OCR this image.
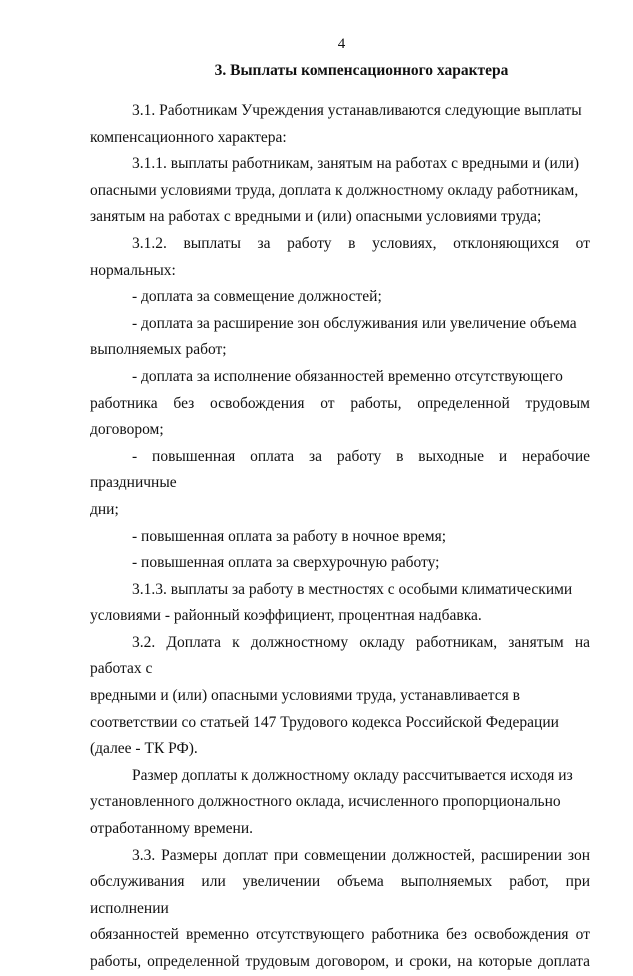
4
3. Выплаты компенсационного характера

3.1. Работникам Учреждения устанавливаются следующие выплаты
компенсационного характера:

3.1.1. выплаты работникам, занятым на работах с вредными и (или)
опасными условиями труда, доплата к должностному окладу работникам,
занятым на работах с вредными и (или) опасными условиями труда;

3.1.2. выплаты за работу в условиях, отклоняющихся от нормальных:

- доплата за совмещение должностей;

- доплата за расширение зон обслуживания или увеличение объема
выполняемых работ;

- доплата за исполнение обязанностей временно отсутствующего
работника без освобождения от работы, определенной трудовым договором;

- повышенная оплата за работу в выходные и нерабочие праздничные
дни;

- повышенная оплата за работу в ночное время;

- повышенная оплата за сверхурочную работу;

3.1.3. выплаты за работу в местностях с особыми климатическими
условиями - районный коэффициент, процентная надбавка.

3.2. Доплата к должностному окладу работникам, занятым на работах с
вредными и (или) опасными условиями труда, устанавливается в
соответствии со статьей 147 Трудового кодекса Российской Федерации
(далее - ТК РФ).

Размер доплаты к должностному окладу рассчитывается исходя из
установленного должностного оклада, исчисленного пропорционально
отработанному времени.

3.3. Размеры доплат при совмещении должностей, расширении зон
обслуживания или увеличении объема выполняемых работ, при исполнении
обязанностей временно отсутствующего работника без освобождения от
работы, определенной трудовым договором, и сроки, на которые доплата
